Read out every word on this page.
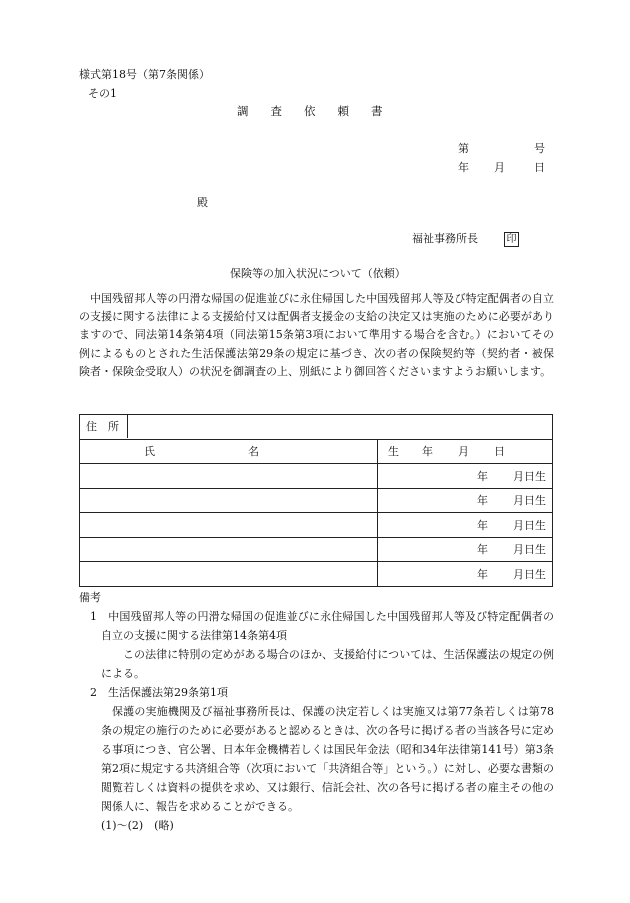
様式第18号（第7条関係）
その1
調 査 依 頼 書
第	号
年 月	日
殿
福祉事務所長	印
保険等の加入状況について（依頼）

中国残留邦人等の円滑な帰国の促進並びに永住帰国した中国残留邦人等及び特定配偶者の自立の支援に関する法律による支援給付又は配偶者支援金の支給の決定又は実施のために必要がありますので、同法第14条第4項（同法第15条第3項において準用する場合を含む。）においてその例によるものとされた生活保護法第29条の規定に基づき、次の者の保険契約等（契約者・被保険者・保険金受取人）の状況を御調査の上、別紙により御回答くださいますようお願いします。

住　所	
氏 名	生 年 月 日
	年 月日生
	年 月日生
	年 月日生
	年 月日生
	年 月日生

備考

1　中国残留邦人等の円滑な帰国の促進並びに永住帰国した中国残留邦人等及び特定配偶者の自立の支援に関する法律第14条第4項

この法律に特別の定めがある場合のほか、支援給付については、生活保護法の規定の例による。

2　生活保護法第29条第1項

保護の実施機関及び福祉事務所長は、保護の決定若しくは実施又は第77条若しくは第78条の規定の施行のために必要があると認めるときは、次の各号に掲げる者の当該各号に定める事項につき、官公署、日本年金機構若しくは国民年金法（昭和34年法律第141号）第3条第2項に規定する共済組合等（次項において「共済組合等」という。）に対し、必要な書類の閲覧若しくは資料の提供を求め、又は銀行、信託会社、次の各号に掲げる者の雇主その他の関係人に、報告を求めることができる。

(1)～(2)　(略)
